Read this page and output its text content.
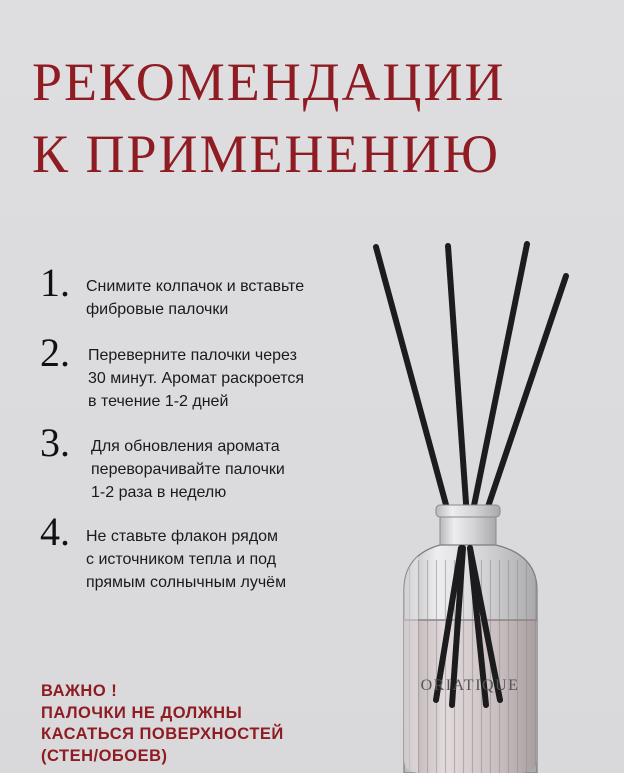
РЕКОМЕНДАЦИИ
К ПРИМЕНЕНИЮ
1. Снимите колпачок и вставьте
фибровые палочки
2. Переверните палочки через
30 минут. Аромат раскроется
в течение 1-2 дней
3. Для обновления аромата
переворачивайте палочки
1-2 раза в неделю
4. Не ставьте флакон рядом
с источником тепла и под
прямым солнычным лучём
ВАЖНО !
ПАЛОЧКИ НЕ ДОЛЖНЫ
КАСАТЬСЯ ПОВЕРХНОСТЕЙ
(СТЕН/ОБОЕВ)
ORIATIQUE
